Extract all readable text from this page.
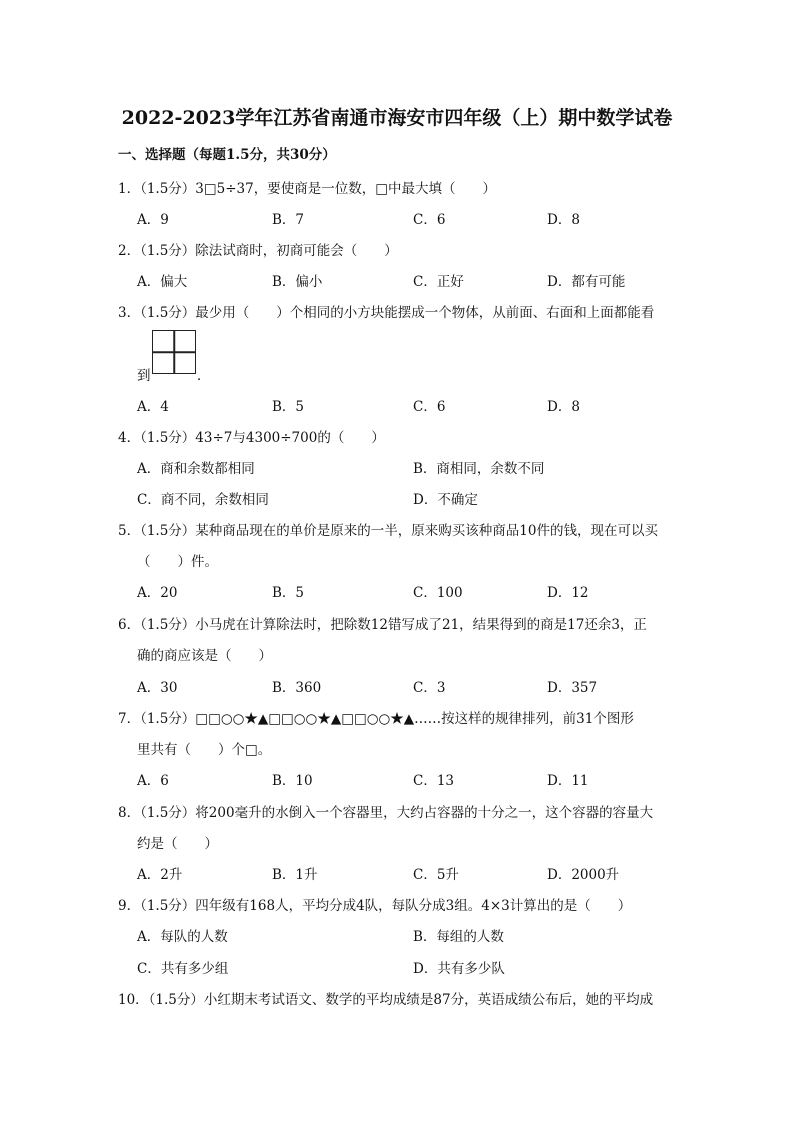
2022-2023学年江苏省南通市海安市四年级（上）期中数学试卷
一、选择题（每题1.5分，共30分）
1．（1.5分）3□5÷37，要使商是一位数，□中最大填（　　）
A．9	B．7	C．6	D．8
2．（1.5分）除法试商时，初商可能会（　　）
A．偏大	B．偏小	C．正好	D．都有可能
3．（1.5分）最少用（　　）个相同的小方块能摆成一个物体，从前面、右面和上面都能看
到	．
A．4	B．5	C．6	D．8
4．（1.5分）43÷7与4300÷700的（　　）
A．商和余数都相同	B．商相同，余数不同
C．商不同，余数相同	D．不确定
5．（1.5分）某种商品现在的单价是原来的一半，原来购买该种商品10件的钱，现在可以买
（　　）件。
A．20	B．5	C．100	D．12
6．（1.5分）小马虎在计算除法时，把除数12错写成了21，结果得到的商是17还余3，正
确的商应该是（　　）
A．30	B．360	C．3	D．357
7．（1.5分）□□○○★▲□□○○★▲□□○○★▲……按这样的规律排列，前31个图形
里共有（　　）个□。
A．6	B．10	C．13	D．11
8．（1.5分）将200毫升的水倒入一个容器里，大约占容器的十分之一，这个容器的容量大
约是（　　）
A．2升	B．1升	C．5升	D．2000升
9．（1.5分）四年级有168人，平均分成4队，每队分成3组。4×3计算出的是（　　）
A．每队的人数	B．每组的人数
C．共有多少组	D．共有多少队
10．（1.5分）小红期末考试语文、数学的平均成绩是87分，英语成绩公布后，她的平均成
